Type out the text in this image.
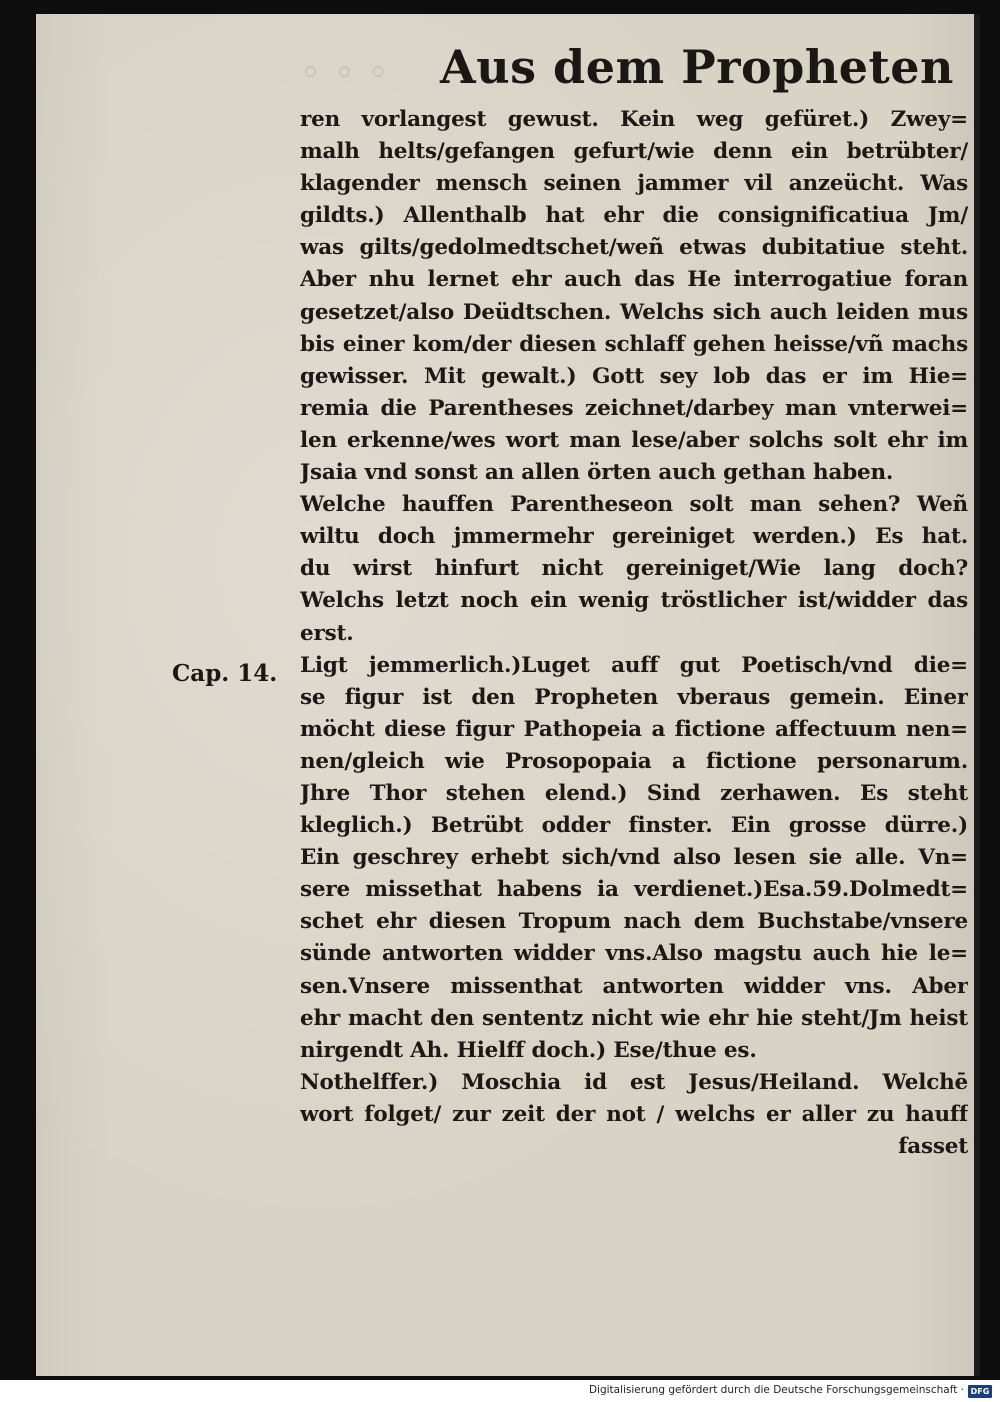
◦ ◦ ◦ Aus dem Propheten
Cap. 14.
ren vorlangest gewust. Kein weg gefüret.) Zwey=
malh helts/gefangen gefurt/wie denn ein betrübter/
klagender mensch seinen jammer vil anzeücht. Was
gildts.) Allenthalb hat ehr die consignificatiua Jm/
was gilts/gedolmedtschet/weñ etwas dubitatiue steht.
Aber nhu lernet ehr auch das He interrogatiue foran
gesetzet/also Deüdtschen. Welchs sich auch leiden mus
bis einer kom/der diesen schlaff gehen heisse/vñ machs
gewisser. Mit gewalt.) Gott sey lob das er im Hie=
remia die Parentheses zeichnet/darbey man vnterwei=
len erkenne/wes wort man lese/aber solchs solt ehr im
Jsaia vnd sonst an allen örten auch gethan haben.
Welche hauffen Parentheseon solt man sehen? Weñ
wiltu doch jmmermehr gereiniget werden.) Es hat.
du wirst hinfurt nicht gereiniget/Wie lang doch?
Welchs letzt noch ein wenig tröstlicher ist/widder das
erst.
Ligt jemmerlich.)Luget auff gut Poetisch/vnd die=
se figur ist den Propheten vberaus gemein. Einer
möcht diese figur Pathopeia a fictione affectuum nen=
nen/gleich wie Prosopopaia a fictione personarum.
Jhre Thor stehen elend.) Sind zerhawen. Es steht
kleglich.) Betrübt odder finster. Ein grosse dürre.)
Ein geschrey erhebt sich/vnd also lesen sie alle. Vn=
sere missethat habens ia verdienet.)Esa.59.Dolmedt=
schet ehr diesen Tropum nach dem Buchstabe/vnsere
sünde antworten widder vns.Also magstu auch hie le=
sen.Vnsere missenthat antworten widder vns. Aber
ehr macht den sententz nicht wie ehr hie steht/Jm heist
nirgendt Ah. Hielff doch.) Ese/thue es.
Nothelffer.) Moschia id est Jesus/Heiland. Welchē
wort folget/ zur zeit der not / welchs er aller zu hauff
fasset
Digitalisierung gefördert durch die Deutsche Forschungsgemeinschaft · DFG
